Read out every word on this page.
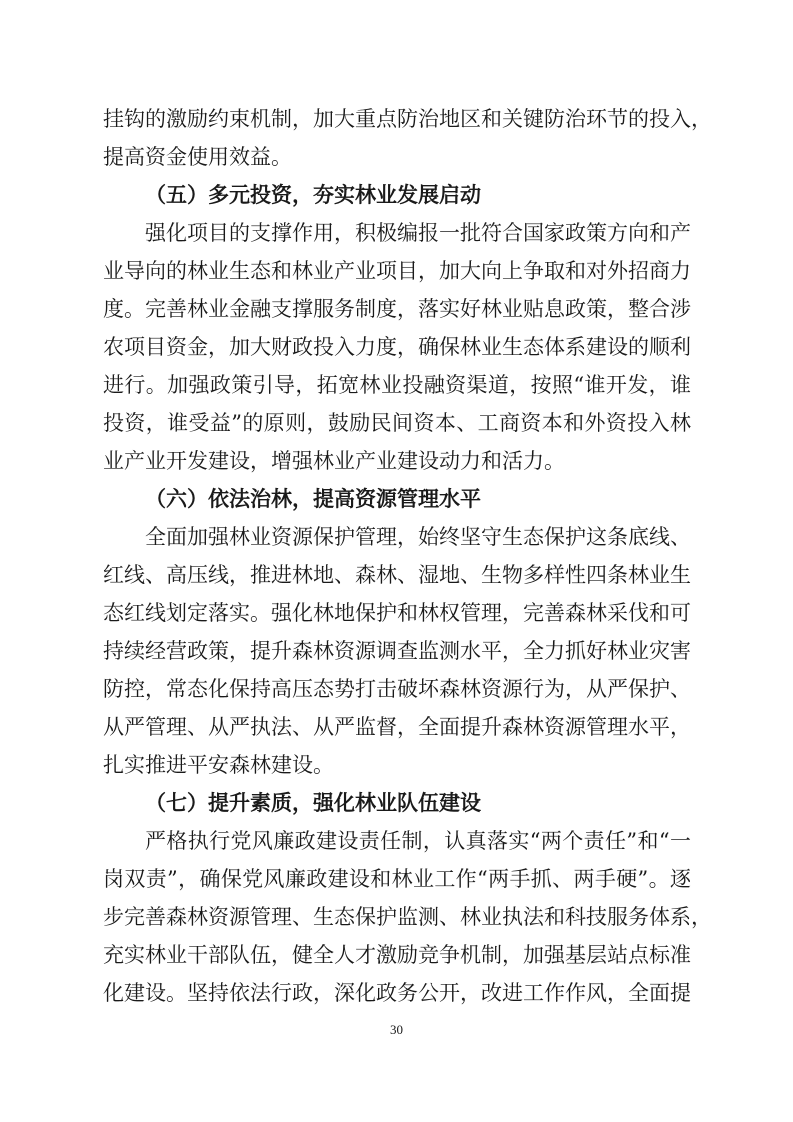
挂钩的激励约束机制，加大重点防治地区和关键防治环节的投入，
提高资金使用效益。
（五）多元投资，夯实林业发展启动
强化项目的支撑作用，积极编报一批符合国家政策方向和产
业导向的林业生态和林业产业项目，加大向上争取和对外招商力
度。完善林业金融支撑服务制度，落实好林业贴息政策，整合涉
农项目资金，加大财政投入力度，确保林业生态体系建设的顺利
进行。加强政策引导，拓宽林业投融资渠道，按照“谁开发，谁
投资，谁受益”的原则，鼓励民间资本、工商资本和外资投入林
业产业开发建设，增强林业产业建设动力和活力。
（六）依法治林，提高资源管理水平
全面加强林业资源保护管理，始终坚守生态保护这条底线、
红线、高压线，推进林地、森林、湿地、生物多样性四条林业生
态红线划定落实。强化林地保护和林权管理，完善森林采伐和可
持续经营政策，提升森林资源调查监测水平，全力抓好林业灾害
防控，常态化保持高压态势打击破坏森林资源行为，从严保护、
从严管理、从严执法、从严监督，全面提升森林资源管理水平，
扎实推进平安森林建设。
（七）提升素质，强化林业队伍建设
严格执行党风廉政建设责任制，认真落实“两个责任”和“一
岗双责”，确保党风廉政建设和林业工作“两手抓、两手硬”。逐
步完善森林资源管理、生态保护监测、林业执法和科技服务体系，
充实林业干部队伍，健全人才激励竞争机制，加强基层站点标准
化建设。坚持依法行政，深化政务公开，改进工作作风，全面提
30
